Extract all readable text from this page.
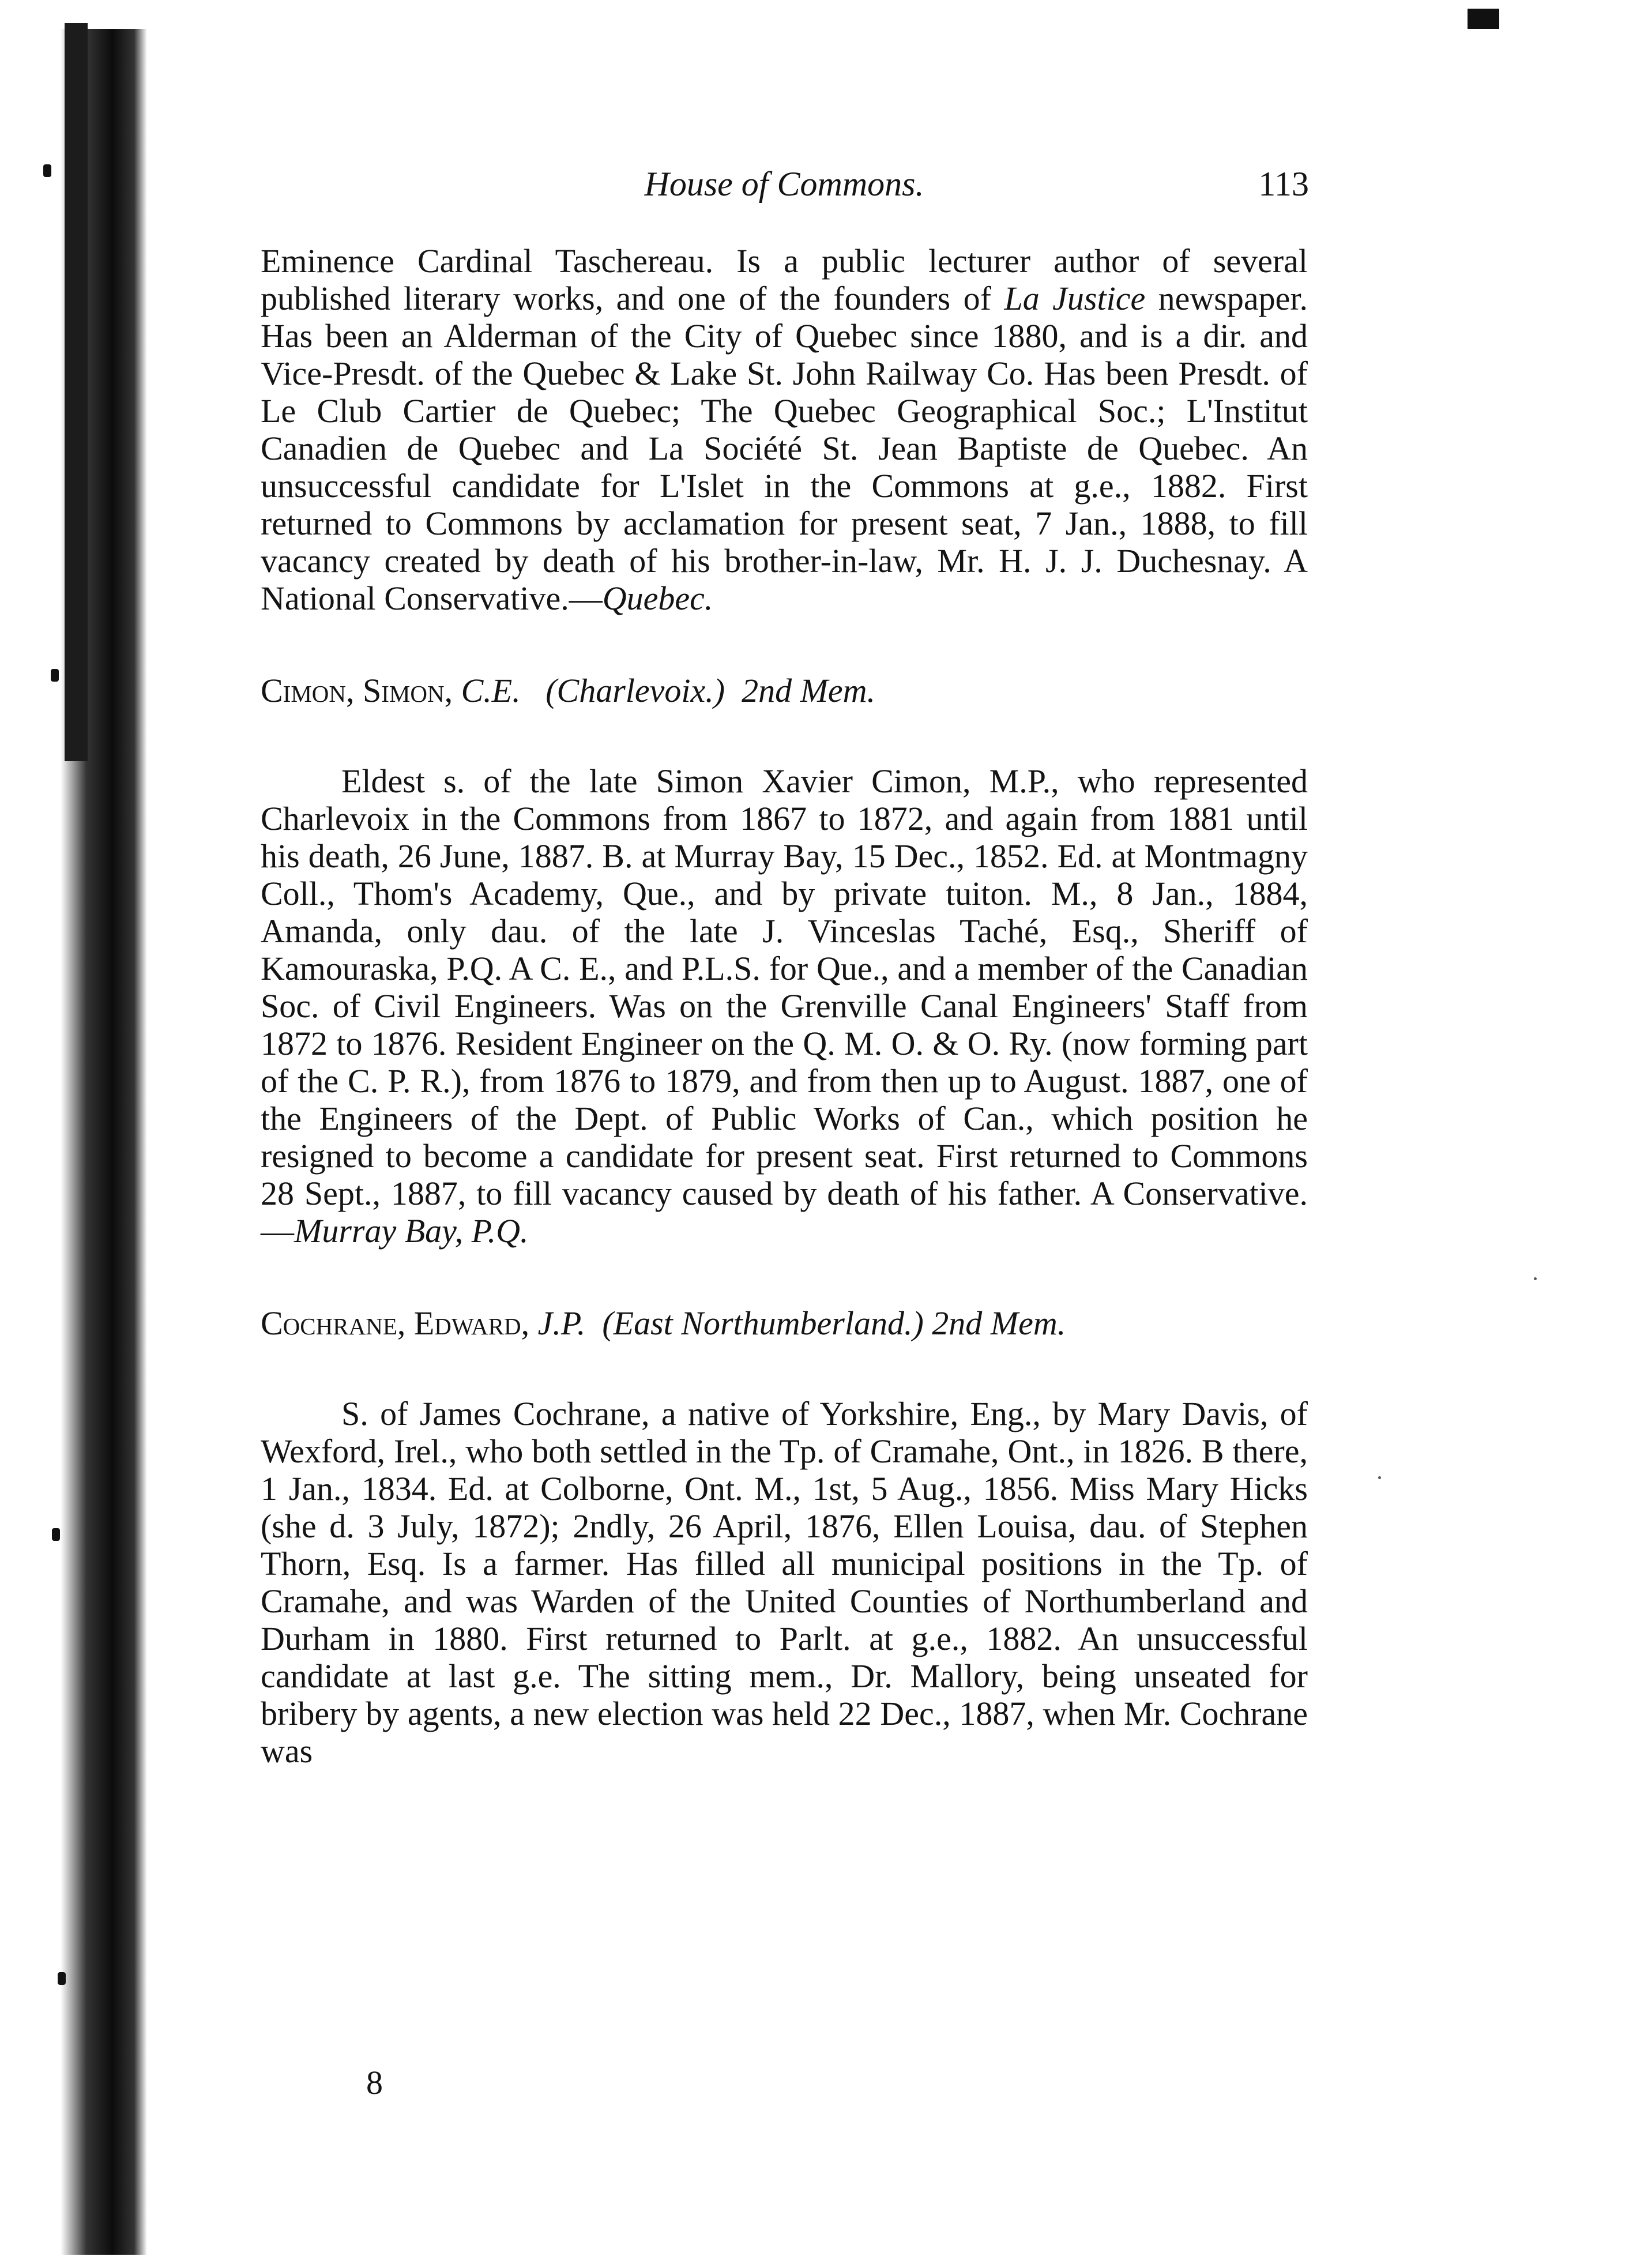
House of Commons.	113

Eminence Cardinal Taschereau. Is a public lecturer author of several published literary works, and one of the founders of La Justice newspaper. Has been an Alderman of the City of Quebec since 1880, and is a dir. and Vice-Presdt. of the Quebec & Lake St. John Railway Co. Has been Presdt. of Le Club Cartier de Quebec; The Quebec Geographical Soc.; L'Institut Canadien de Quebec and La Société St. Jean Baptiste de Quebec. An unsuccessful candidate for L'Islet in the Commons at g.e., 1882. First returned to Commons by acclamation for present seat, 7 Jan., 1888, to fill vacancy created by death of his brother-in-law, Mr. H. J. J. Duchesnay. A National Conservative.—Quebec.

Cimon, Simon, C.E. (Charlevoix.) 2nd Mem.

Eldest s. of the late Simon Xavier Cimon, M.P., who represented Charlevoix in the Commons from 1867 to 1872, and again from 1881 until his death, 26 June, 1887. B. at Murray Bay, 15 Dec., 1852. Ed. at Montmagny Coll., Thom's Academy, Que., and by private tuiton. M., 8 Jan., 1884, Amanda, only dau. of the late J. Vinceslas Taché, Esq., Sheriff of Kamouraska, P.Q. A C. E., and P.L.S. for Que., and a member of the Canadian Soc. of Civil Engineers. Was on the Grenville Canal Engineers' Staff from 1872 to 1876. Resident Engineer on the Q. M. O. & O. Ry. (now forming part of the C. P. R.), from 1876 to 1879, and from then up to August. 1887, one of the Engineers of the Dept. of Public Works of Can., which position he resigned to become a candidate for present seat. First returned to Commons 28 Sept., 1887, to fill vacancy caused by death of his father. A Conservative.—Murray Bay, P.Q.

Cochrane, Edward, J.P. (East Northumberland.) 2nd Mem.

S. of James Cochrane, a native of Yorkshire, Eng., by Mary Davis, of Wexford, Irel., who both settled in the Tp. of Cramahe, Ont., in 1826. B there, 1 Jan., 1834. Ed. at Colborne, Ont. M., 1st, 5 Aug., 1856. Miss Mary Hicks (she d. 3 July, 1872); 2ndly, 26 April, 1876, Ellen Louisa, dau. of Stephen Thorn, Esq. Is a farmer. Has filled all municipal positions in the Tp. of Cramahe, and was Warden of the United Counties of Northumberland and Durham in 1880. First returned to Parlt. at g.e., 1882. An unsuccessful candidate at last g.e. The sitting mem., Dr. Mallory, being unseated for bribery by agents, a new election was held 22 Dec., 1887, when Mr. Cochrane was

8
